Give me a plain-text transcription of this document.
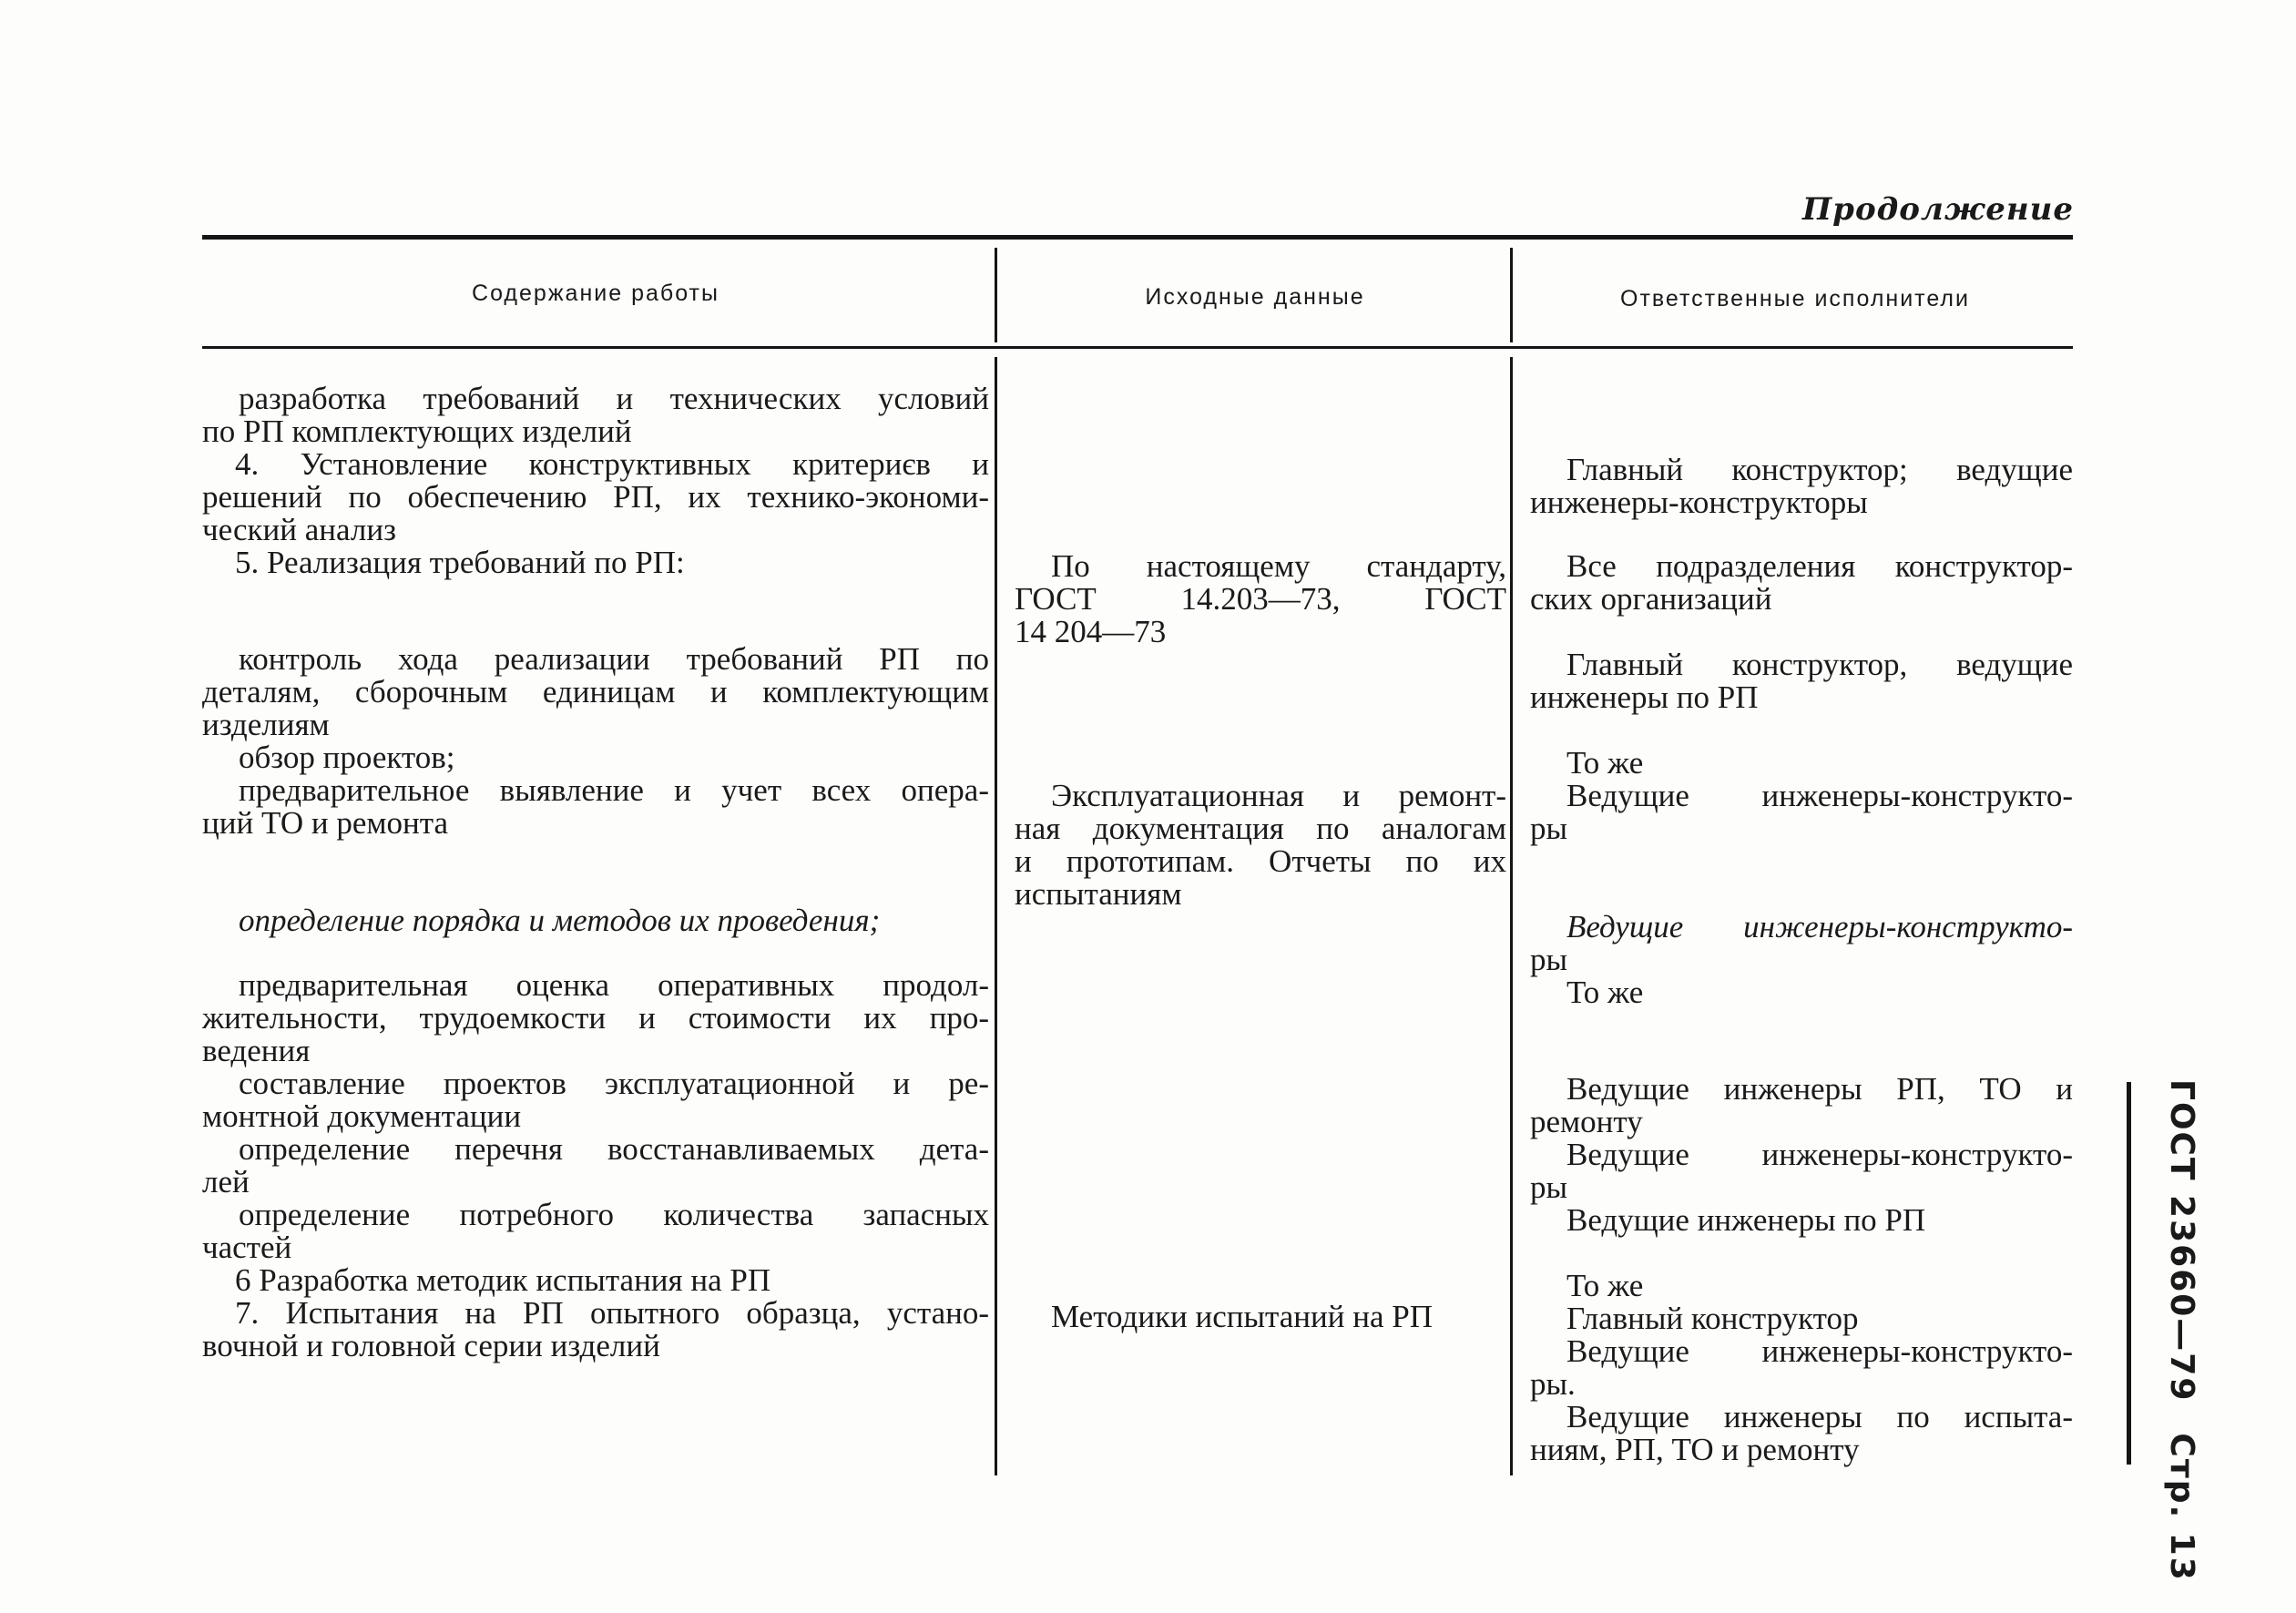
Продолжение
Содержание работы	Исходные данные	Ответственные исполнители
разработка требований и технических условий
по РП комплектующих изделий
4. Установление конструктивных критериєв и
решений по обеспечению РП, их технико-экономи-
ческий анализ
5. Реализация требований по РП:
контроль хода реализации требований РП по
деталям, сборочным единицам и комплектующим
изделиям
обзор проектов;
предварительное выявление и учет всех опера-
ций ТО и ремонта
определение порядка и методов их проведения;
предварительная оценка оперативных продол-
жительности, трудоемкости и стоимости их про-
ведения
составление проектов эксплуатационной и ре-
монтной документации
определение перечня восстанавливаемых дета-
лей
определение потребного количества запасных
частей
6 Разработка методик испытания на РП
7. Испытания на РП опытного образца, устано-
вочной и головной серии изделий
По настоящему стандарту,
ГОСТ 14.203—73, ГОСТ
14 204—73
Эксплуатационная и ремонт-
ная документация по аналогам
и прототипам. Отчеты по их
испытаниям
Методики испытаний на РП
Главный конструктор; ведущие
инженеры-конструкторы
Все подразделения конструктор-
ских организаций
Главный конструктор, ведущие
инженеры по РП
То же
Ведущие инженеры-конструкто-
ры
Ведущие инженеры-конструкто-
ры
То же
Ведущие инженеры РП, ТО и
ремонту
Ведущие инженеры-конструкто-
ры
Ведущие инженеры по РП
То же
Главный конструктор
Ведущие инженеры-конструкто-
ры.
Ведущие инженеры по испыта-
ниям, РП, ТО и ремонту
ГОСТ 23660—79Стр. 13
